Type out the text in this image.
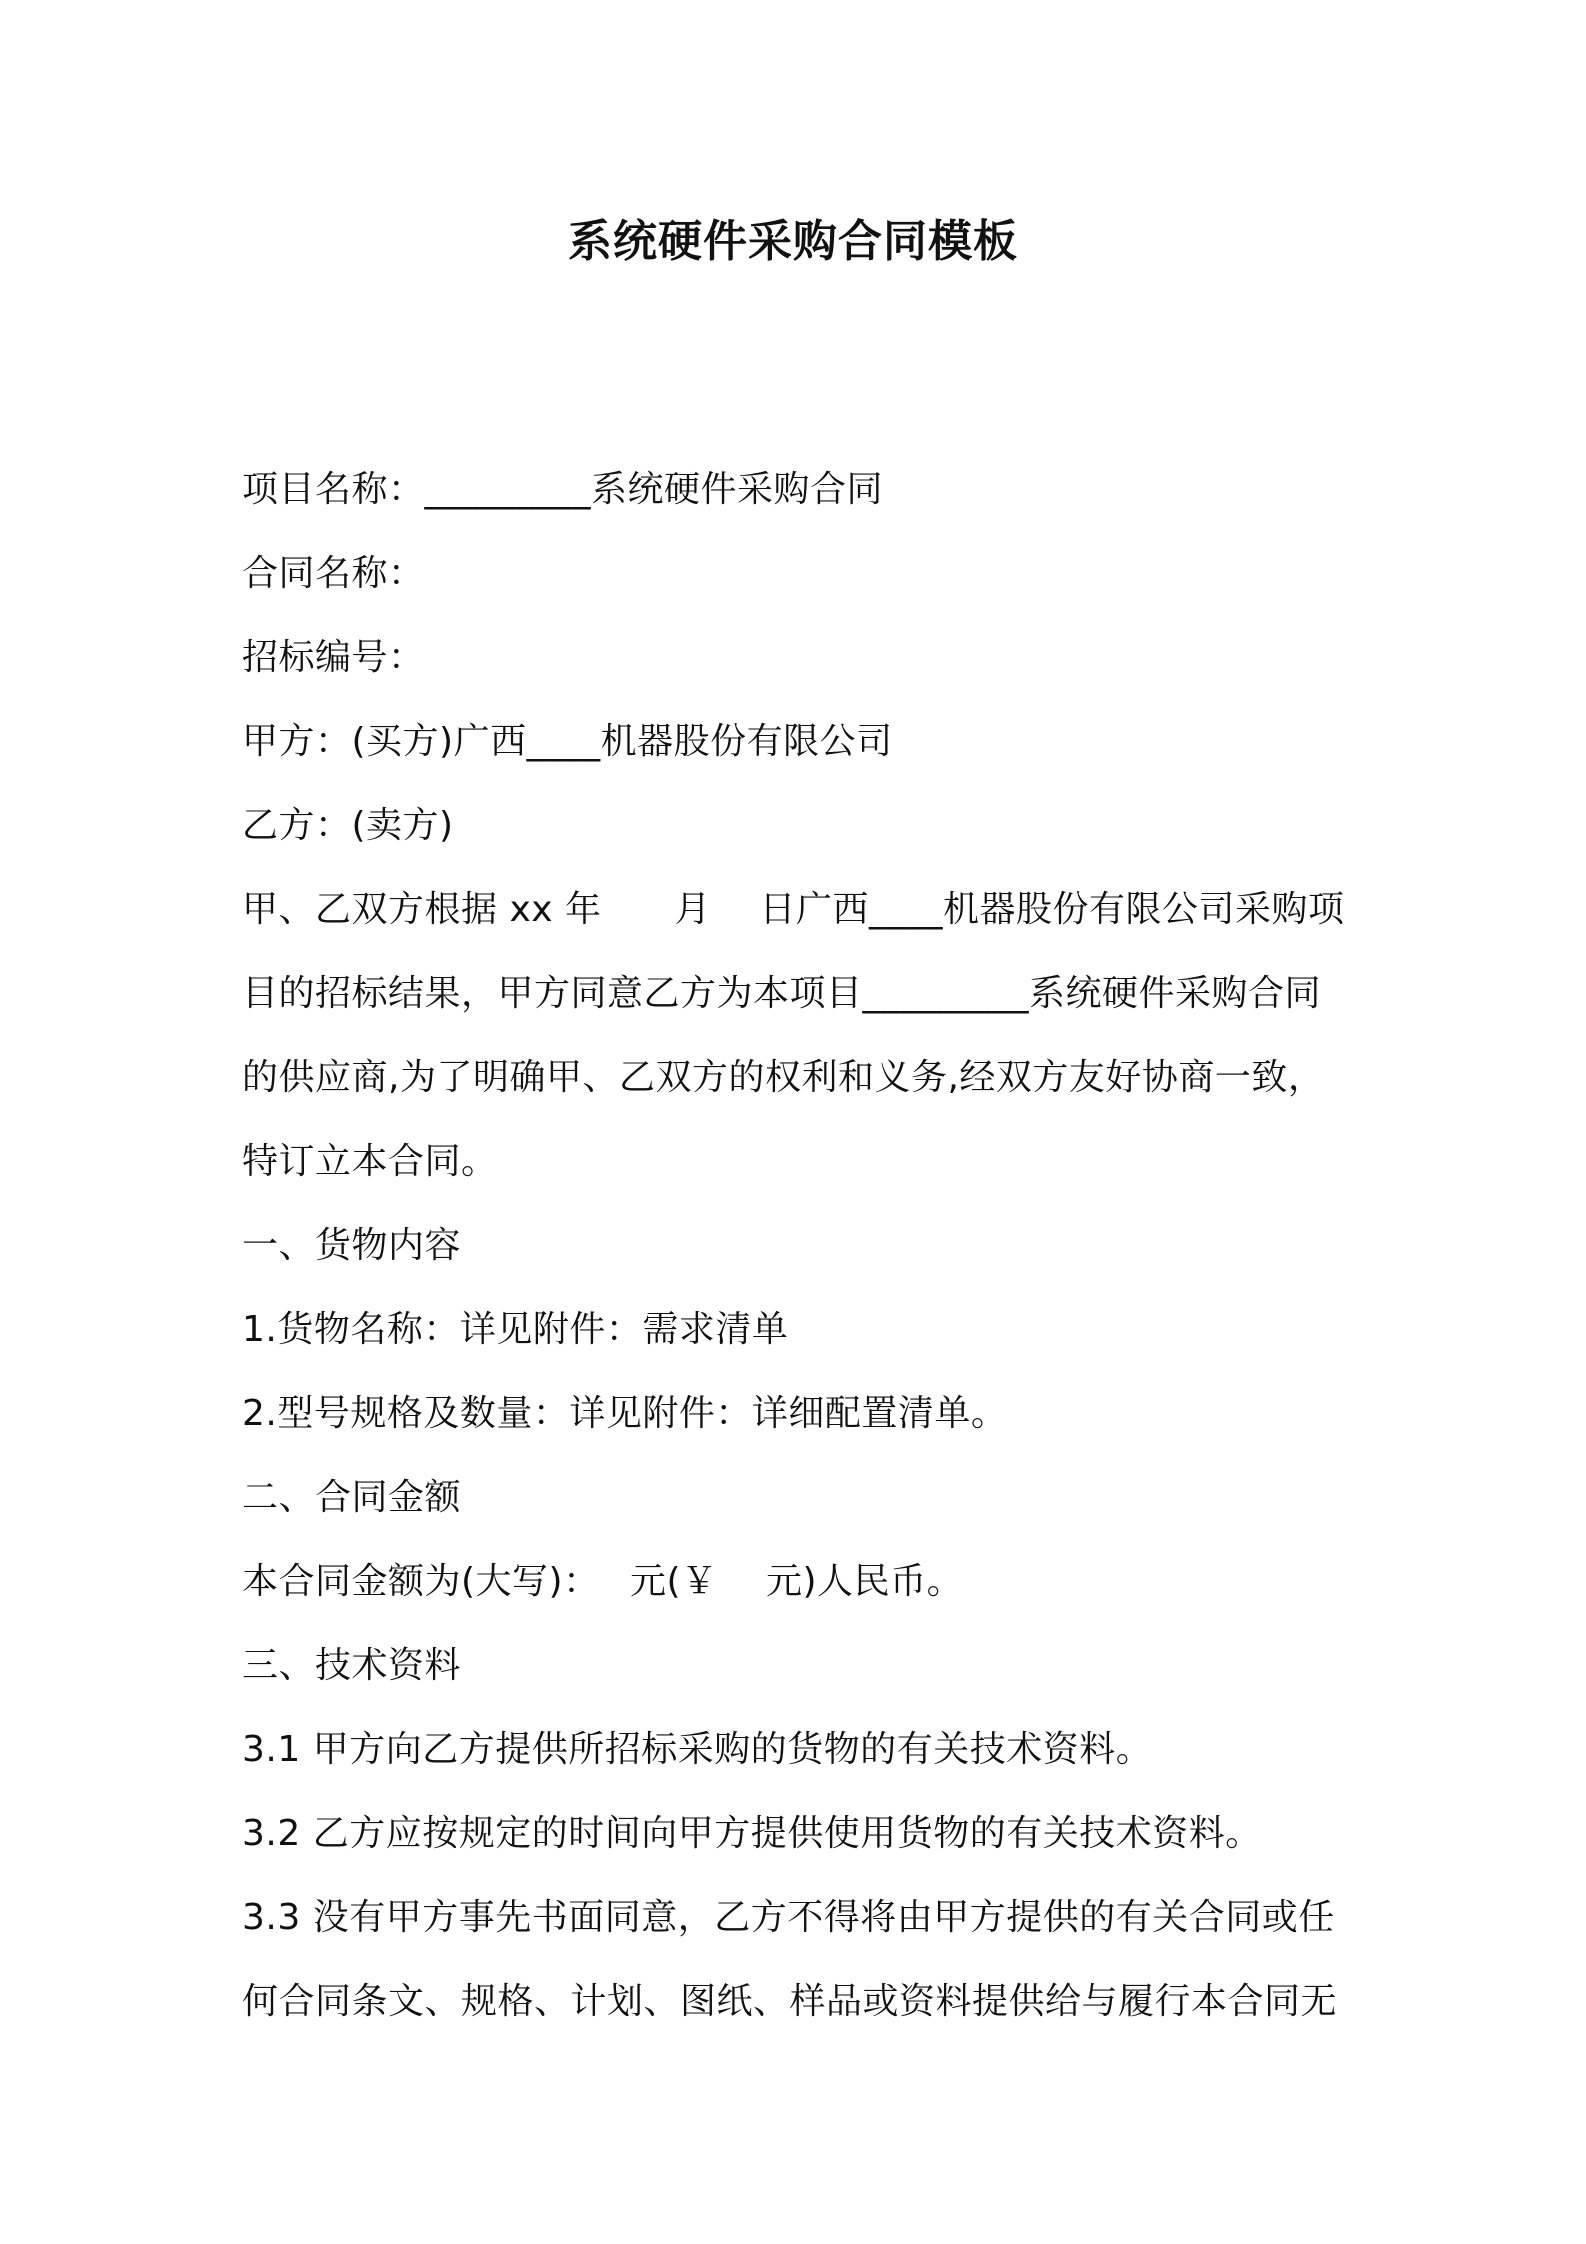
系统硬件采购合同模板
项目名称：_________系统硬件采购合同
合同名称：
招标编号：
甲方：(买方)广西____机器股份有限公司
乙方：(卖方)
甲、乙双方根据 xx 年　　月　 日广西____机器股份有限公司采购项
目的招标结果，甲方同意乙方为本项目_________系统硬件采购合同
的供应商,为了明确甲、乙双方的权利和义务,经双方友好协商一致，
特订立本合同。
一、货物内容
1.货物名称：详见附件：需求清单
2.型号规格及数量：详见附件：详细配置清单。
二、合同金额
本合同金额为(大写)：　 元(￥　 元)人民币。
三、技术资料
3.1 甲方向乙方提供所招标采购的货物的有关技术资料。
3.2 乙方应按规定的时间向甲方提供使用货物的有关技术资料。
3.3 没有甲方事先书面同意，乙方不得将由甲方提供的有关合同或任
何合同条文、规格、计划、图纸、样品或资料提供给与履行本合同无
